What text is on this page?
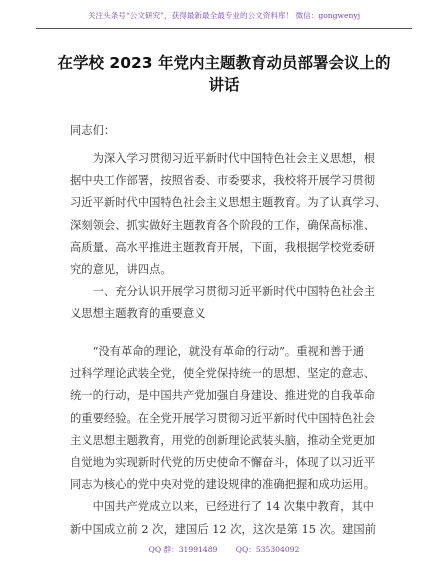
关注头条号“公文研究”，获得最新最全最专业的公文资料库！ 微信：gongwenyj
在学校 2023 年党内主题教育动员部署会议上的
讲话
同志们：
　　为深入学习贯彻习近平新时代中国特色社会主义思想，根
据中央工作部署，按照省委、市委要求，我校将开展学习贯彻
习近平新时代中国特色社会主义思想主题教育。为了认真学习、
深刻领会、抓实做好主题教育各个阶段的工作，确保高标准、
高质量、高水平推进主题教育开展，下面，我根据学校党委研
究的意见，讲四点。
　　一、充分认识开展学习贯彻习近平新时代中国特色社会主
义思想主题教育的重要意义
　　“没有革命的理论，就没有革命的行动”。重视和善于通
过科学理论武装全党，使全党保持统一的思想、坚定的意志、
统一的行动，是中国共产党加强自身建设、推进党的自我革命
的重要经验。在全党开展学习贯彻习近平新时代中国特色社会
主义思想主题教育，用党的创新理论武装头脑，推动全党更加
自觉地为实现新时代党的历史使命不懈奋斗，体现了以习近平
同志为核心的党中央对党的建设规律的准确把握和成功运用。
　　中国共产党成立以来，已经进行了 14 次集中教育，其中
新中国成立前 2 次，建国后 12 次，这次是第 15 次。建国前
QQ 群：31991489 QQ：535304092
